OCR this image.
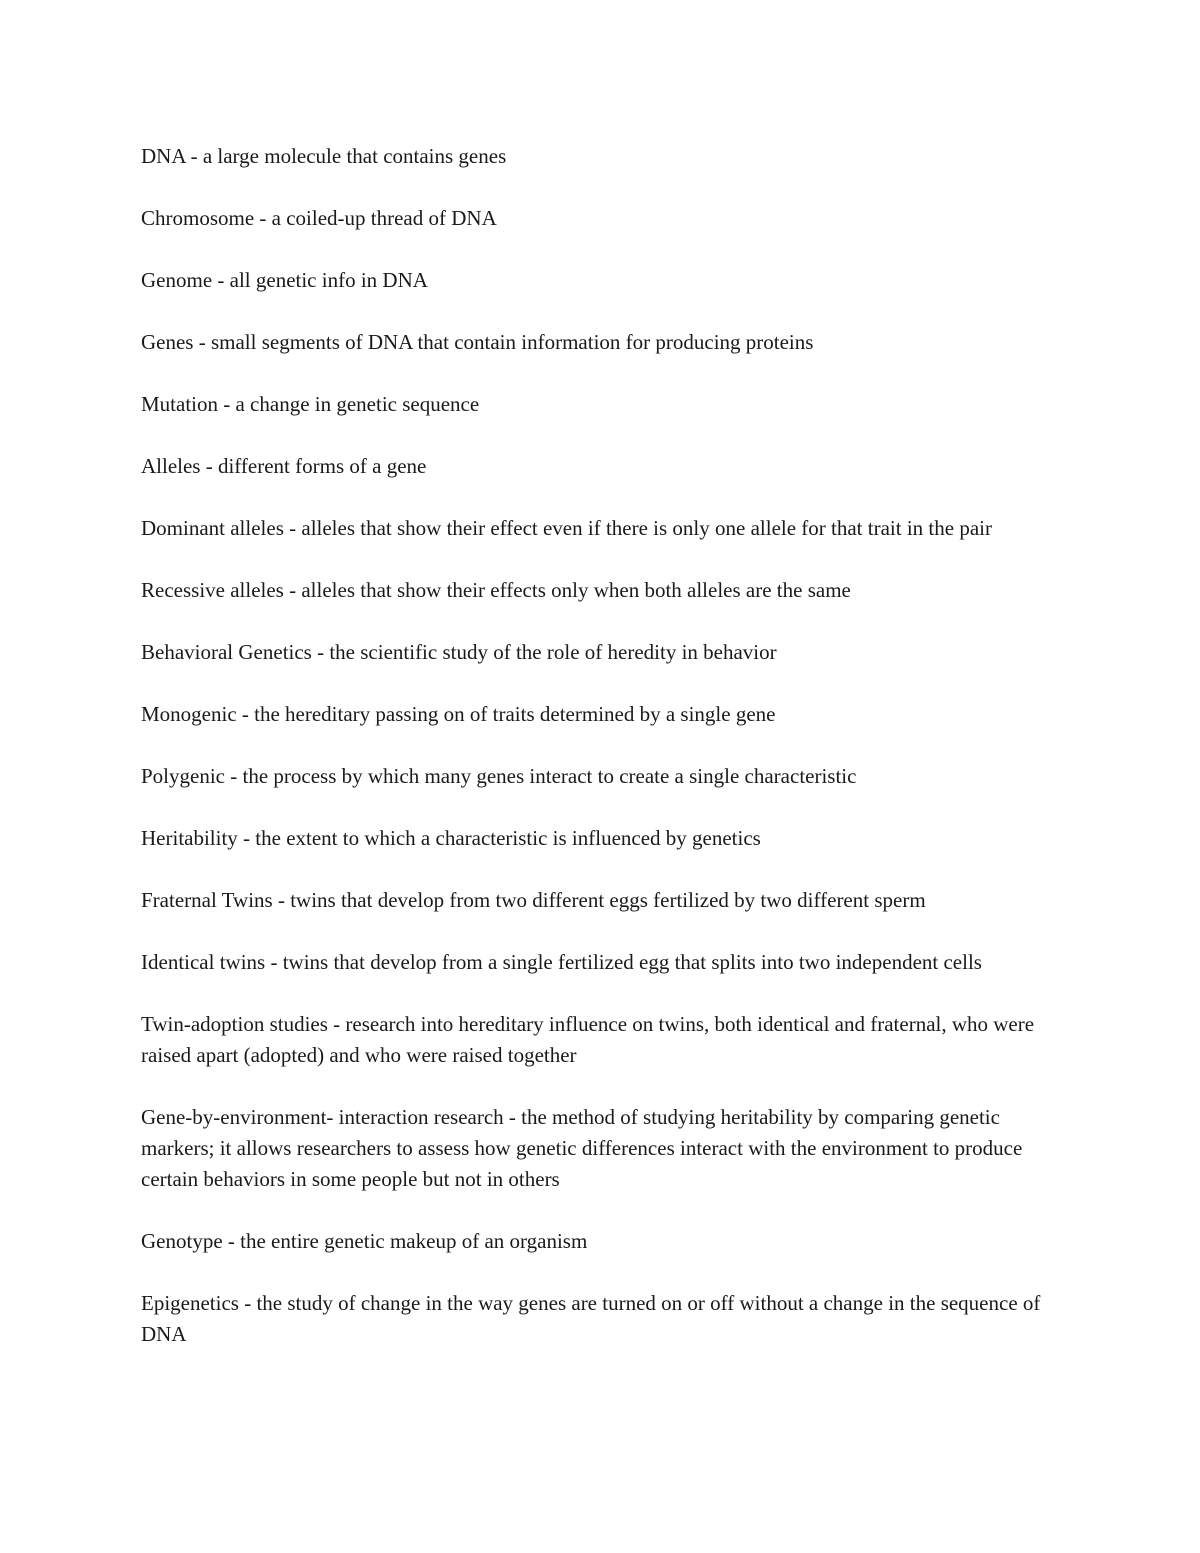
DNA - a large molecule that contains genes

Chromosome - a coiled-up thread of DNA

Genome - all genetic info in DNA

Genes - small segments of DNA that contain information for producing proteins

Mutation - a change in genetic sequence

Alleles - different forms of a gene

Dominant alleles - alleles that show their effect even if there is only one allele for that trait in the pair

Recessive alleles - alleles that show their effects only when both alleles are the same

Behavioral Genetics - the scientific study of the role of heredity in behavior

Monogenic - the hereditary passing on of traits determined by a single gene

Polygenic - the process by which many genes interact to create a single characteristic

Heritability - the extent to which a characteristic is influenced by genetics

Fraternal Twins - twins that develop from two different eggs fertilized by two different sperm

Identical twins - twins that develop from a single fertilized egg that splits into two independent cells

Twin-adoption studies - research into hereditary influence on twins, both identical and fraternal, who were raised apart (adopted) and who were raised together

Gene-by-environment- interaction research - the method of studying heritability by comparing genetic markers; it allows researchers to assess how genetic differences interact with the environment to produce certain behaviors in some people but not in others

Genotype - the entire genetic makeup of an organism

Epigenetics - the study of change in the way genes are turned on or off without a change in the sequence of DNA
